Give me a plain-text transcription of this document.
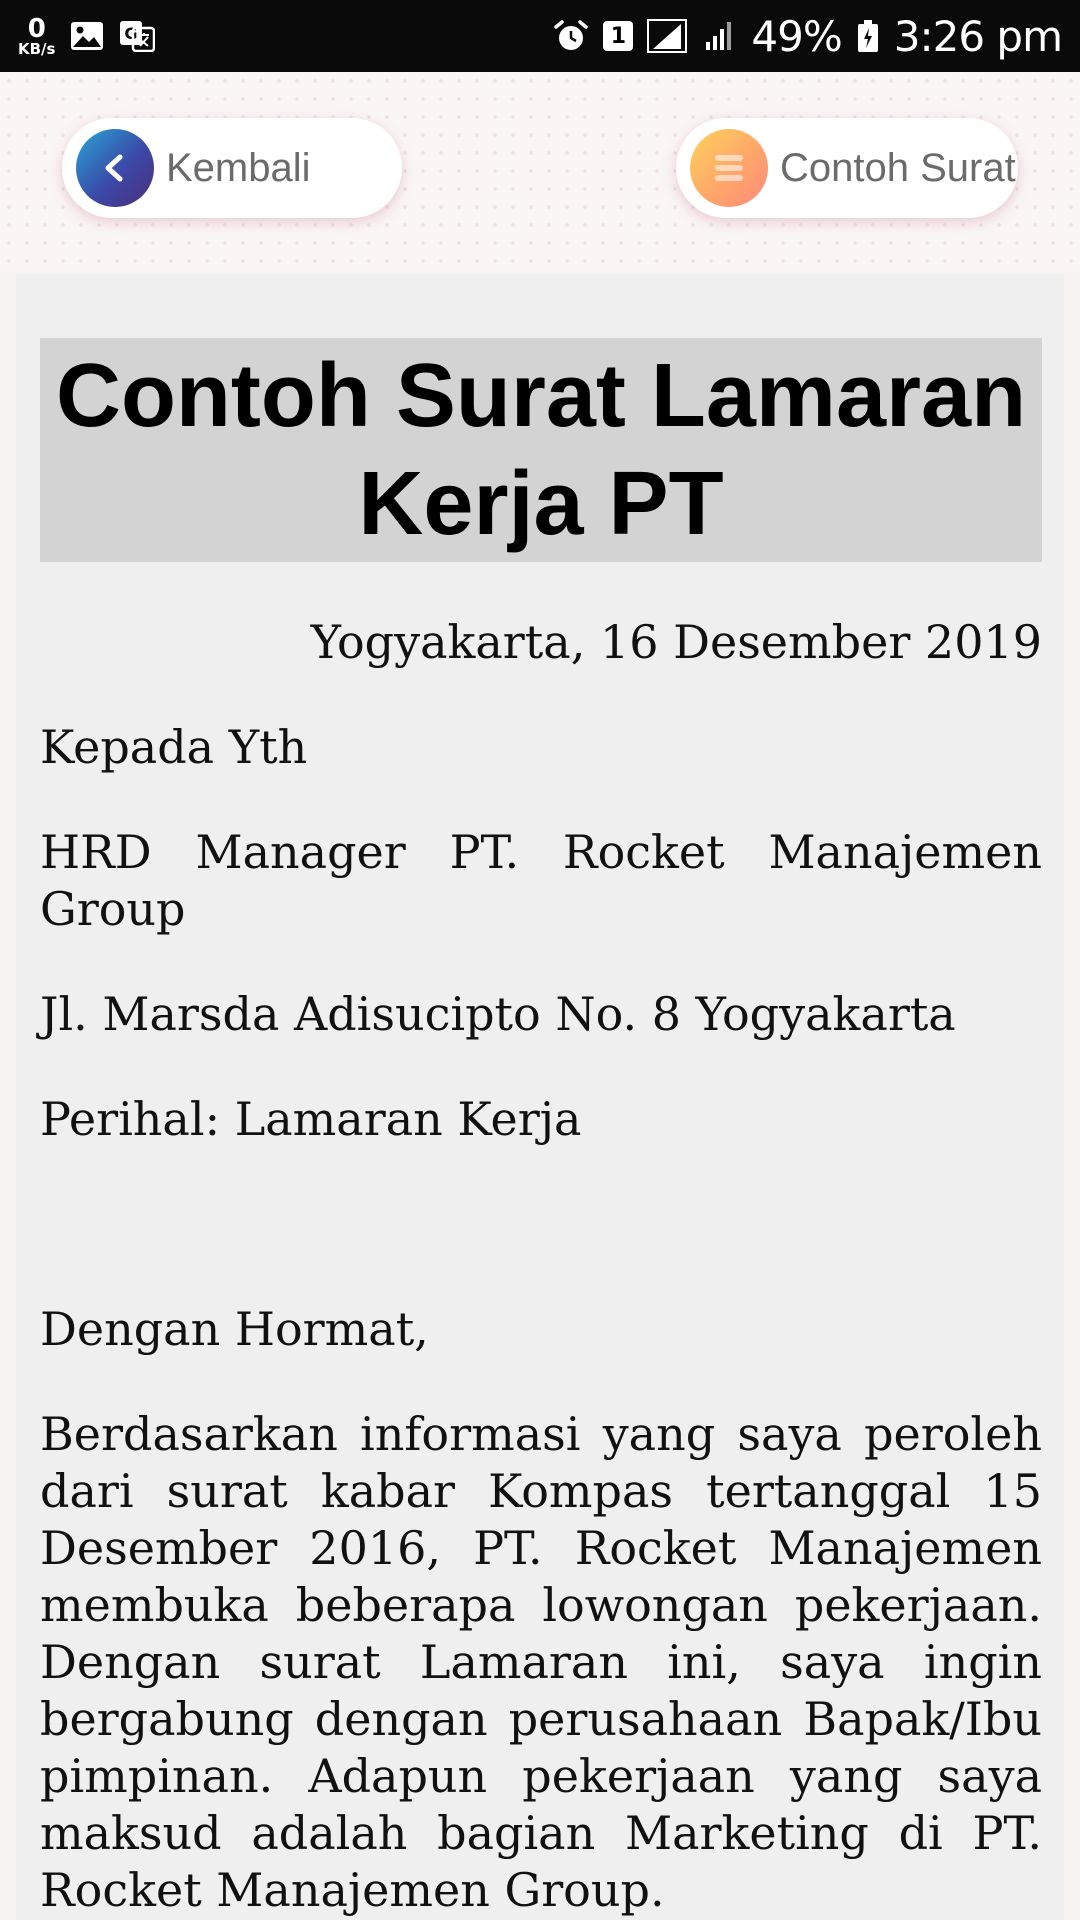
0
KB/s
G	1	49% 3:26 pm
Kembali	Contoh Surat
Contoh Surat Lamaran Kerja PT

Yogyakarta, 16 Desember 2019

Kepada Yth

HRD Manager PT. Rocket Manajemen Group

Jl. Marsda Adisucipto No. 8 Yogyakarta

Perihal: Lamaran Kerja

Dengan Hormat,

Berdasarkan informasi yang saya peroleh dari surat kabar Kompas tertanggal 15 Desember 2016, PT. Rocket Manajemen membuka beberapa lowongan pekerjaan. Dengan surat Lamaran ini, saya ingin bergabung dengan perusahaan Bapak/Ibu pimpinan. Adapun pekerjaan yang saya maksud adalah bagian Marketing di PT. Rocket Manajemen Group.
